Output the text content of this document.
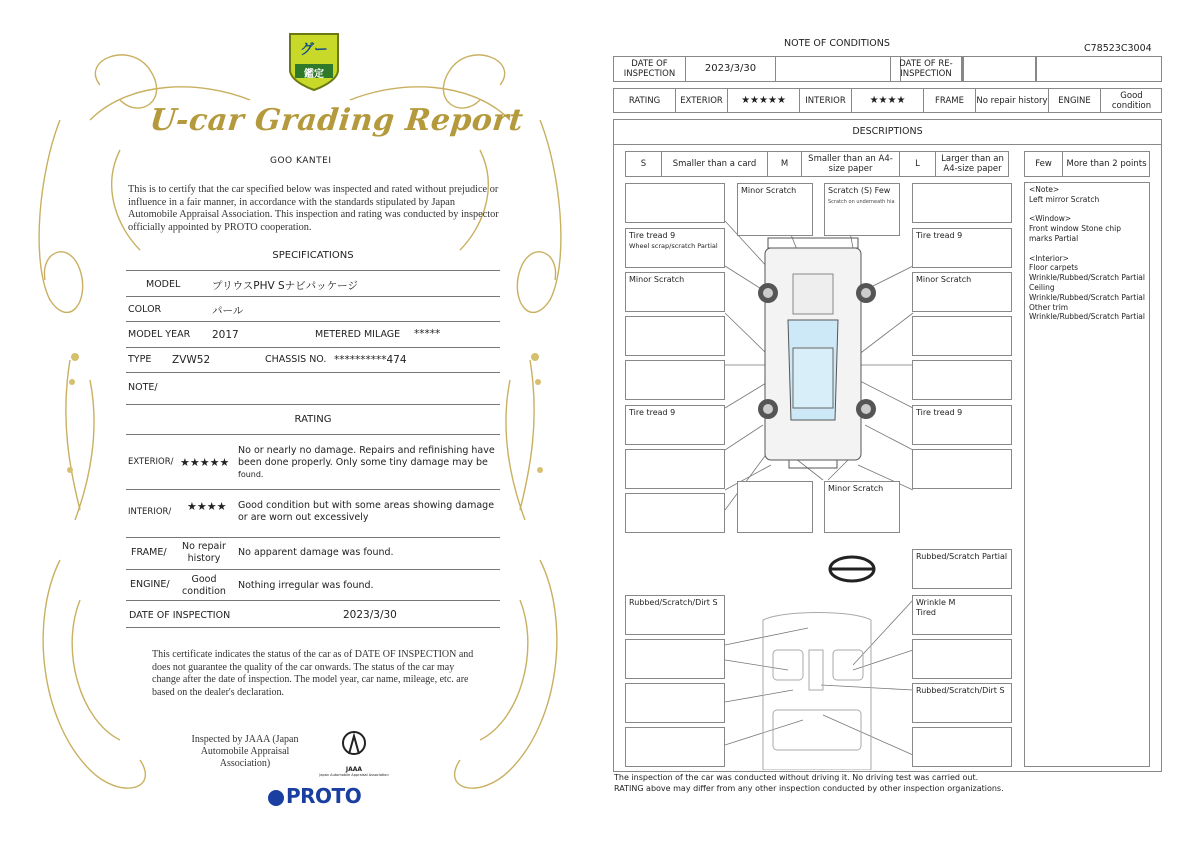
グー
鑑定
U-car Grading Report
GOO KANTEI
This is to certify that the car specified below was inspected and rated without prejudice or influence in a fair manner, in accordance with the standards stipulated by Japan Automobile Appraisal Association. This inspection and rating was conducted by inspector officially appointed by PROTO cooperation.
SPECIFICATIONS
MODEL	プリウスPHV Sナビパッケージ
COLOR	パール
MODEL YEAR 2017	METERED MILAGE *****
TYPE ZVW52	CHASSIS NO. **********474
NOTE/
RATING
EXTERIOR/ ★★★★★
No or nearly no damage. Repairs and refinishing have been done properly. Only some tiny damage may be
found.
INTERIOR/ ★★★★ Good condition but with some areas showing damage or are worn out excessively
FRAME/
No repair history
No apparent damage was found.
ENGINE/	Good condition
Nothing irregular was found.
DATE OF INSPECTION	2023/3/30
This certificate indicates the status of the car as of DATE OF INSPECTION and does not guarantee the quality of the car onwards. The status of the car may change after the date of inspection. The model year, car name, mileage, etc. are based on the dealer's declaration.
Inspected by JAAA (Japan Automobile Appraisal Association)
JAAA
Japan Automobile Appraisal Association
PROTO
NOTE OF CONDITIONS	C78523C3004
DATE OF INSPECTION	2023/3/30	DATE OF RE-INSPECTION
RATING	EXTERIOR	★★★★★	INTERIOR	★★★★	FRAME	No repair history	ENGINE	Good condition
DESCRIPTIONS
S	Smaller than a card	M	Smaller than an A4-size paper	L	Larger than an A4-size paper	Few	More than 2 points
Minor Scratch	Scratch (S) Few
Scratch on underneath hia
Tire tread 9
Wheel scrap/scratch Partial
Tire tread 9
Minor Scratch	Minor Scratch
Tire tread 9	Tire tread 9
Minor Scratch
Rubbed/Scratch Partial
Rubbed/Scratch/Dirt S	Wrinkle M
Tired
Rubbed/Scratch/Dirt S
<Note>
Left mirror Scratch
<Window>
Front window Stone chip marks Partial
<Interior>
Floor carpets
Wrinkle/Rubbed/Scratch Partial
Ceiling
Wrinkle/Rubbed/Scratch Partial
Other trim
Wrinkle/Rubbed/Scratch Partial
The inspection of the car was conducted without driving it. No driving test was carried out.
RATING above may differ from any other inspection conducted by other inspection organizations.
